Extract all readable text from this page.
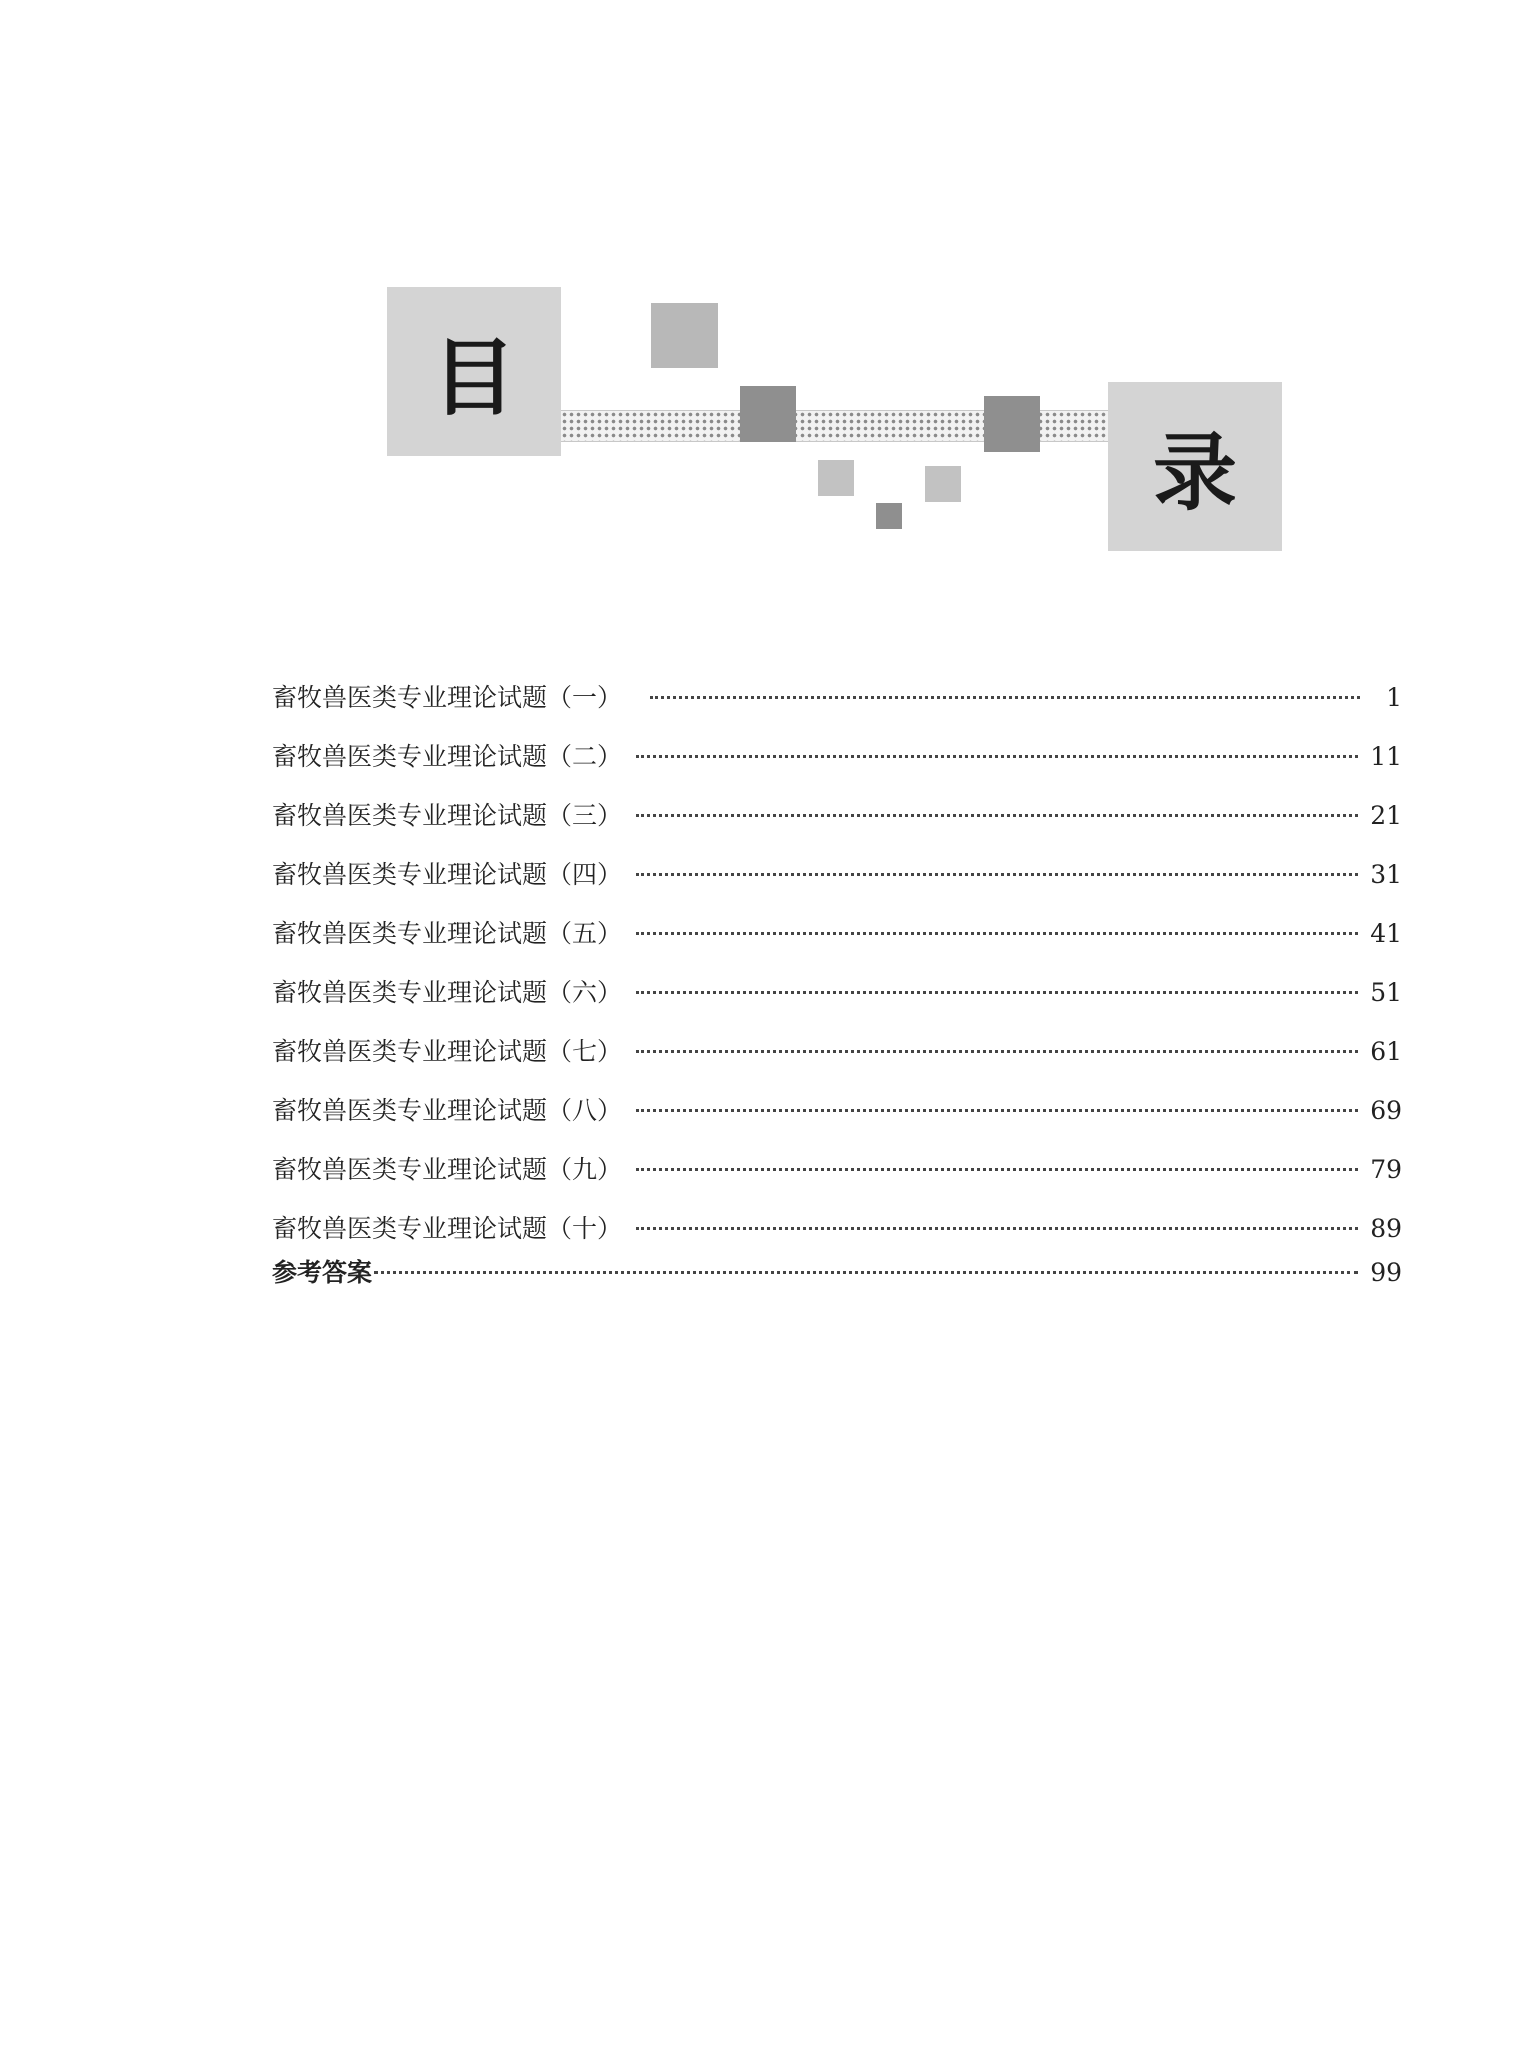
目
录
畜牧兽医类专业理论试题（一）	1
畜牧兽医类专业理论试题（二）	11
畜牧兽医类专业理论试题（三）	21
畜牧兽医类专业理论试题（四）	31
畜牧兽医类专业理论试题（五）	41
畜牧兽医类专业理论试题（六）	51
畜牧兽医类专业理论试题（七）	61
畜牧兽医类专业理论试题（八）	69
畜牧兽医类专业理论试题（九）	79
畜牧兽医类专业理论试题（十）	89
参考答案	99
